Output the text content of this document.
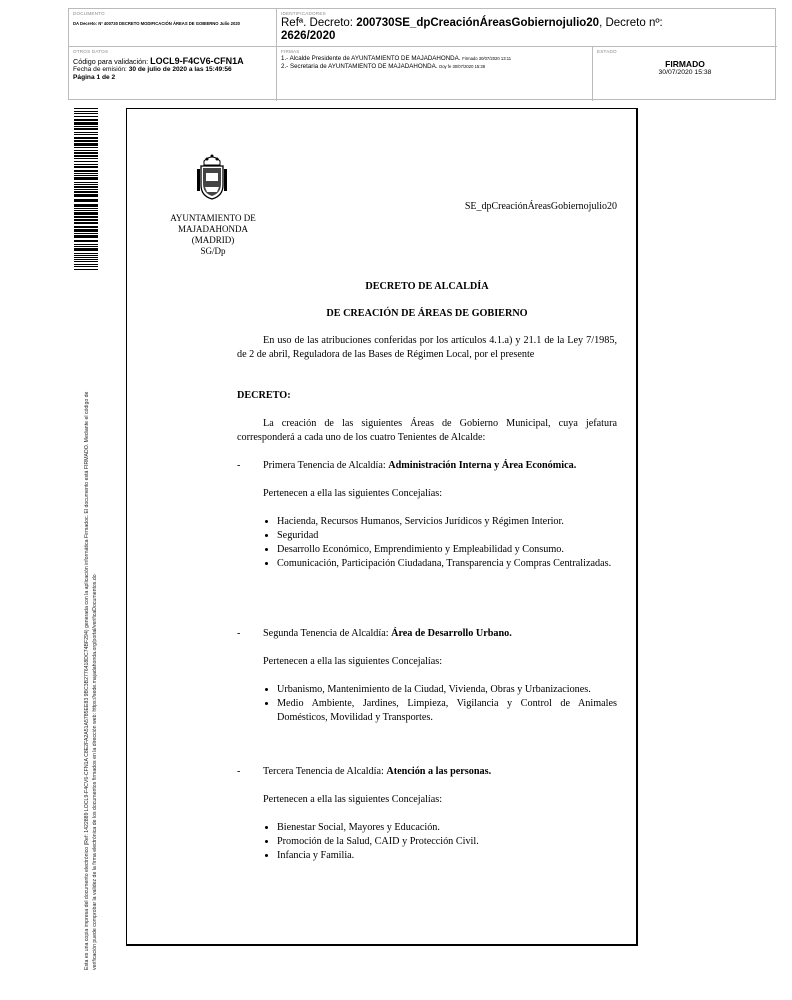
DOCUMENTO
DA Decreto: Nº 400730 DECRETO MODIFICACIÓN ÁREAS DE GOBIERNO Julio 2020
IDENTIFICADORES
Refª. Decreto: 200730SE_dpCreaciónÁreasGobiernojulio20, Decreto nº: 2626/2020
OTROS DATOS
Código para validación: LOCL9-F4CV6-CFN1A
Fecha de emisión: 30 de julio de 2020 a las 15:49:56
Página 1 de 2
FIRMAS
1.- Alcalde Presidente de AYUNTAMIENTO DE MAJADAHONDA. Firmado 30/07/2020 13:11
2.- Secretaria de AYUNTAMIENTO DE MAJADAHONDA. Doy fe 30/07/2020 15:38
ESTADO
FIRMADO
30/07/2020 15:38
Esta es una copia impresa del documento electrónico (Ref: 1422889 LOCL9-F4CV6-CFN1A C8E2FA2A51A5785EE83 9BC3B2776418DC74BF294) generada con la aplicación informática Firmadoc. El documento está FIRMADO. Mediante el código de verificación puede comprobar la validez de la firma electrónica de los documentos firmados en la dirección web: https://sede.majadahonda.org/portal/verificaDocumentos.do
AYUNTAMIENTO DE
MAJADAHONDA
(MADRID)
SG/Dp
SE_dpCreaciónÁreasGobiernojulio20
DECRETO DE ALCALDÍA
DE CREACIÓN DE ÁREAS DE GOBIERNO
En uso de las atribuciones conferidas por los artículos 4.1.a) y 21.1 de la Ley 7/1985, de 2 de abril, Reguladora de las Bases de Régimen Local, por el presente
DECRETO:
La creación de las siguientes Áreas de Gobierno Municipal, cuya jefatura corresponderá a cada uno de los cuatro Tenientes de Alcalde:
- Primera Tenencia de Alcaldía: Administración Interna y Área Económica.
Pertenecen a ella las siguientes Concejalías:
• Hacienda, Recursos Humanos, Servicios Jurídicos y Régimen Interior.
• Seguridad
• Desarrollo Económico, Emprendimiento y Empleabilidad y Consumo.
• Comunicación, Participación Ciudadana, Transparencia y Compras Centralizadas.
- Segunda Tenencia de Alcaldía: Área de Desarrollo Urbano.
Pertenecen a ella las siguientes Concejalías:
• Urbanismo, Mantenimiento de la Ciudad, Vivienda, Obras y Urbanizaciones.
• Medio Ambiente, Jardines, Limpieza, Vigilancia y Control de Animales Domésticos, Movilidad y Transportes.
- Tercera Tenencia de Alcaldía: Atención a las personas.
Pertenecen a ella las siguientes Concejalías:
• Bienestar Social, Mayores y Educación.
• Promoción de la Salud, CAID y Protección Civil.
• Infancia y Familia.
